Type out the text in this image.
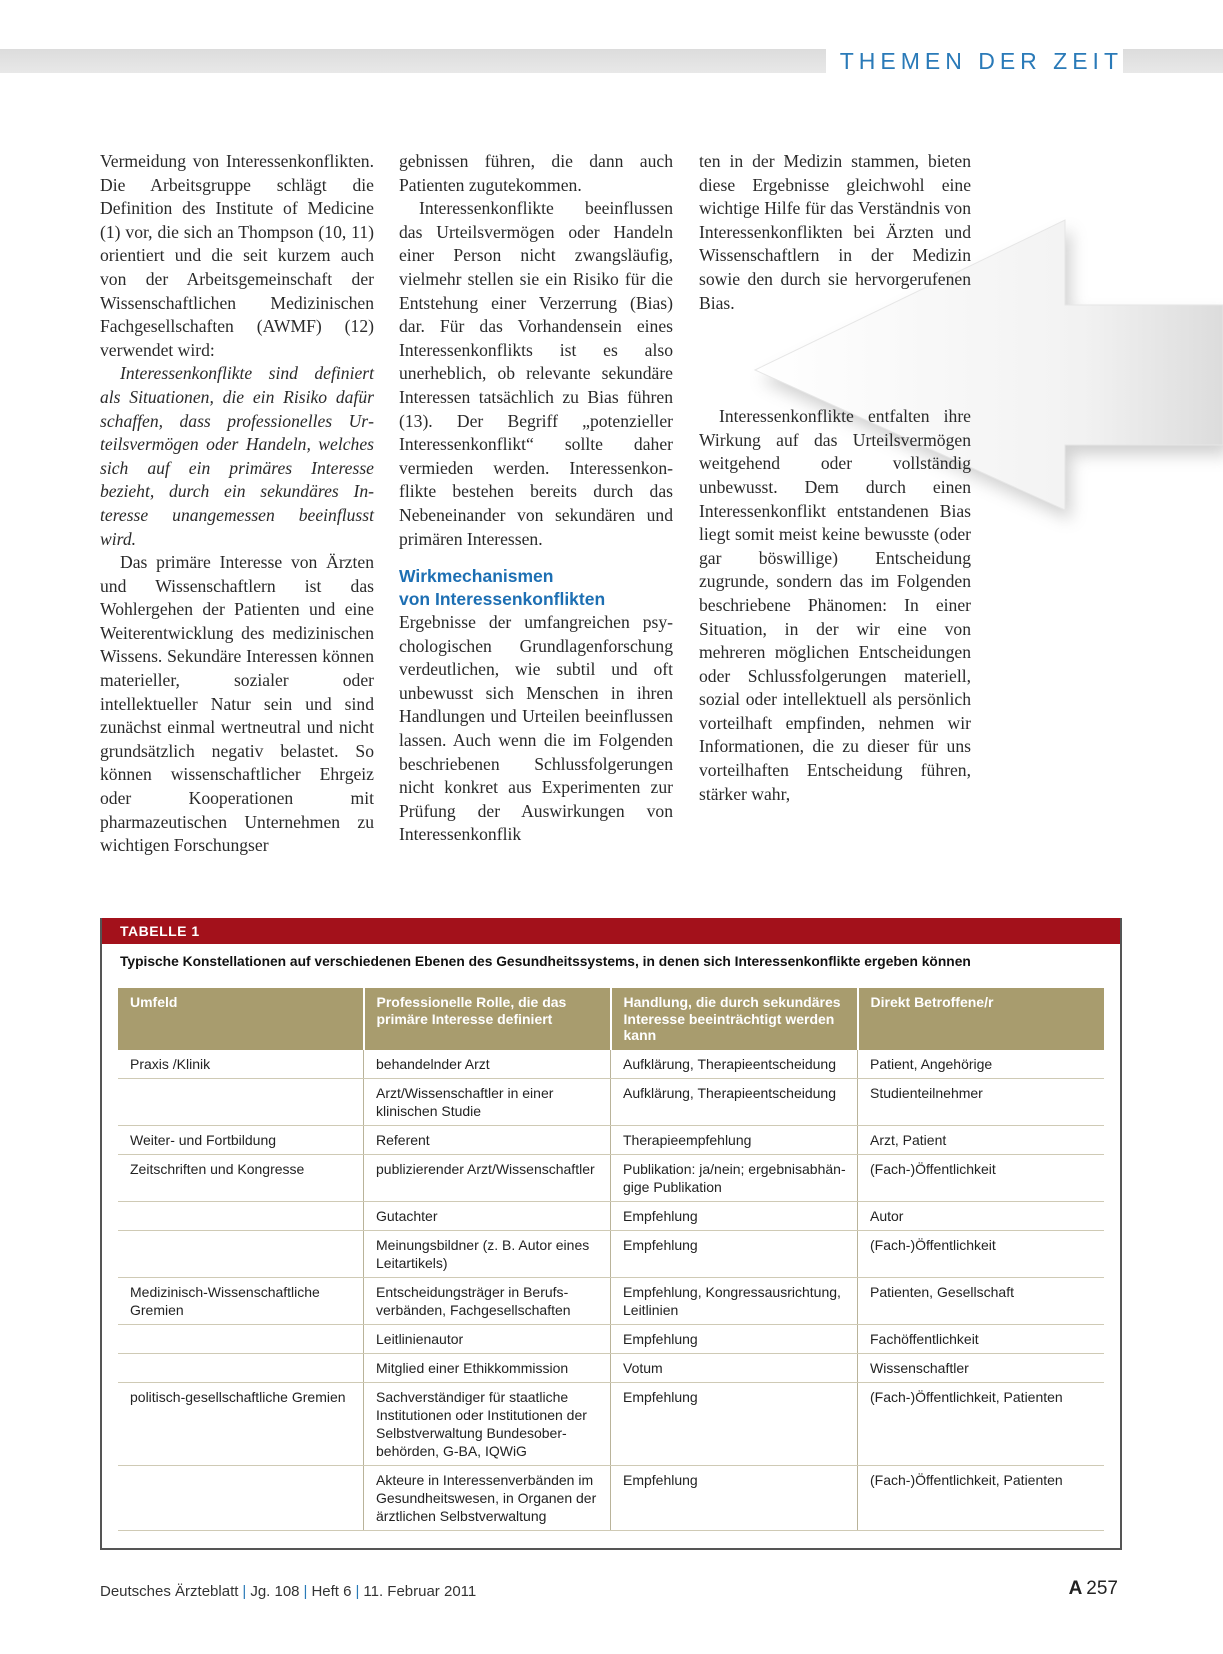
THEMEN DER ZEIT

Vermeidung von Interessenkonflikten. Die Arbeitsgruppe schlägt die Definition des Institute of Medicine (1) vor, die sich an Thompson (10, 11) orientiert und die seit kurzem auch von der Arbeitsgemeinschaft der Wissenschaftlichen Medizinischen Fachgesellschaften (AWMF) (12) verwendet wird:

Interessenkonflikte sind definiert als Situationen, die ein Risiko dafür schaffen, dass professionelles Urteilsvermögen oder Handeln, welches sich auf ein primäres Interesse bezieht, durch ein sekundäres Interesse unangemessen beeinflusst wird.

Das primäre Interesse von Ärzten und Wissenschaftlern ist das Wohlergehen der Patienten und eine Weiterentwicklung des medizinischen Wissens. Sekundäre Interessen können materieller, sozialer oder intellektueller Natur sein und sind zunächst einmal wertneutral und nicht grundsätzlich negativ belastet. So können wissenschaftlicher Ehrgeiz oder Kooperationen mit pharmazeutischen Unternehmen zu wichtigen Forschungser

gebnissen führen, die dann auch Patienten zugutekommen.

Interessenkonflikte beeinflussen das Urteilsvermögen oder Handeln einer Person nicht zwangsläufig, vielmehr stellen sie ein Risiko für die Entstehung einer Verzerrung (Bias) dar. Für das Vorhandensein eines Interessenkonflikts ist es also unerheblich, ob relevante sekundäre Interessen tatsächlich zu Bias führen (13). Der Begriff „potenzieller Interessenkonflikt“ sollte daher vermieden werden. Interessenkonflikte bestehen bereits durch das Nebeneinander von sekundären und primären Interessen.

Wirkmechanismen
von Interessenkonflikten

Ergebnisse der umfangreichen psychologischen Grundlagenforschung verdeutlichen, wie subtil und oft unbewusst sich Menschen in ihren Handlungen und Urteilen beeinflussen lassen. Auch wenn die im Folgenden beschriebenen Schlussfolgerungen nicht konkret aus Experimenten zur Prüfung der Auswirkungen von Interessenkonflik

ten in der Medizin stammen, bieten diese Ergebnisse gleichwohl eine wichtige Hilfe für das Verständnis von Interessenkonflikten bei Ärzten und Wissenschaftlern in der Medizin sowie den durch sie hervorgerufenen Bias.

Interessenkonflikte entfalten ihre Wirkung auf das Urteilsvermögen weitgehend oder vollständig unbewusst. Dem durch einen Interessenkonflikt entstandenen Bias liegt somit meist keine bewusste (oder gar böswillige) Entscheidung zugrunde, sondern das im Folgenden beschriebene Phänomen: In einer Situation, in der wir eine von mehreren möglichen Entscheidungen oder Schlussfolgerungen materiell, sozial oder intellektuell als persönlich vorteilhaft empfinden, nehmen wir Informationen, die zu dieser für uns vorteilhaften Entscheidung führen, stärker wahr,

TABELLE 1
Typische Konstellationen auf verschiedenen Ebenen des Gesundheitssystems, in denen sich Interessenkonflikte ergeben können
Umfeld	Professionelle Rolle, die das primäre Interesse definiert	Handlung, die durch sekundäres Interesse beeinträchtigt werden kann	Direkt Betroffene/r
Praxis /Klinik	behandelnder Arzt	Aufklärung, Therapieentscheidung	Patient, Angehörige
	Arzt/Wissenschaftler in einer klinischen Studie	Aufklärung, Therapieentscheidung	Studienteilnehmer
Weiter- und Fortbildung	Referent	Therapieempfehlung	Arzt, Patient
Zeitschriften und Kongresse	publizierender Arzt/Wissenschaftler	Publikation: ja/nein; ergebnisabhängige Publikation	(Fach-)Öffentlichkeit
	Gutachter	Empfehlung	Autor
	Meinungsbildner (z. B. Autor eines Leitartikels)	Empfehlung	(Fach-)Öffentlichkeit
Medizinisch-Wissenschaftliche Gremien	Entscheidungsträger in Berufsverbänden, Fachgesellschaften	Empfehlung, Kongressausrichtung, Leitlinien	Patienten, Gesellschaft
	Leitlinienautor	Empfehlung	Fachöffentlichkeit
	Mitglied einer Ethikkommission	Votum	Wissenschaftler
politisch-gesellschaftliche Gremien	Sachverständiger für staatliche Institutionen oder Institutionen der Selbstverwaltung Bundesoberbehörden, G-BA, IQWiG	Empfehlung	(Fach-)Öffentlichkeit, Patienten
	Akteure in Interessenverbänden im Gesundheitswesen, in Organen der ärztlichen Selbstverwaltung	Empfehlung	(Fach-)Öffentlichkeit, Patienten
Deutsches Ärzteblatt | Jg. 108 | Heft 6 | 11. Februar 2011	A 257
